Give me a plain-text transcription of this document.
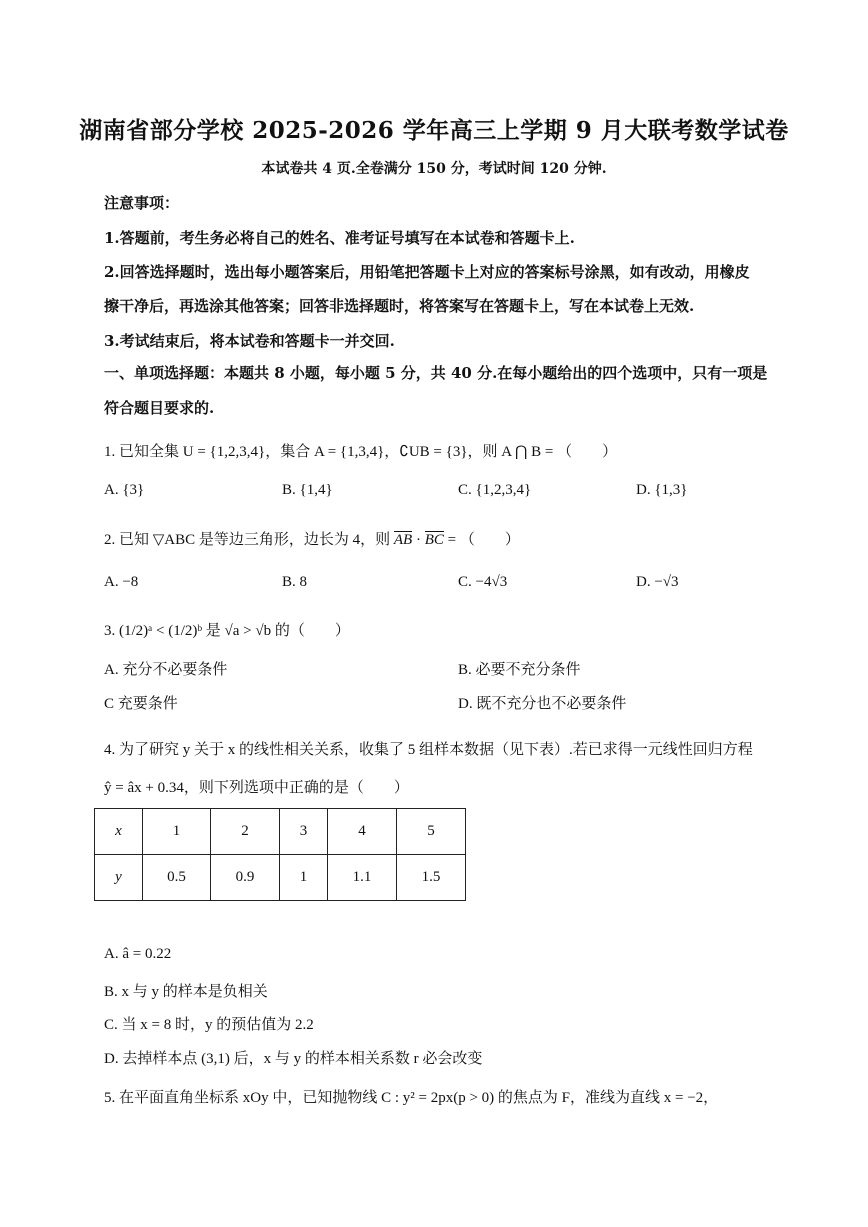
湖南省部分学校 2025-2026 学年高三上学期 9 月大联考数学试卷
本试卷共 4 页.全卷满分 150 分，考试时间 120 分钟.
注意事项：
1.答题前，考生务必将自己的姓名、准考证号填写在本试卷和答题卡上.
2.回答选择题时，选出每小题答案后，用铅笔把答题卡上对应的答案标号涂黑，如有改动，用橡皮
擦干净后，再选涂其他答案；回答非选择题时，将答案写在答题卡上，写在本试卷上无效.
3.考试结束后，将本试卷和答题卡一并交回.
一、单项选择题：本题共 8 小题，每小题 5 分，共 40 分.在每小题给出的四个选项中，只有一项是
符合题目要求的.
1. 已知全集 U = {1,2,3,4}，集合 A = {1,3,4}，∁UB = {3}，则 A ⋂ B = （　　）
A. {3}	B. {1,4}	C. {1,2,3,4}	D. {1,3}
2. 已知 ▽ABC 是等边三角形，边长为 4，则 AB · BC = （　　）
A. −8	B. 8	C. −4√3	D. −√3
3. (1/2)ᵃ < (1/2)ᵇ 是 √a > √b 的（　　）
A. 充分不必要条件	B. 必要不充分条件
C 充要条件	D. 既不充分也不必要条件
4. 为了研究 y 关于 x 的线性相关关系，收集了 5 组样本数据（见下表）.若已求得一元线性回归方程
ŷ = âx + 0.34，则下列选项中正确的是（　　）
x	1	2	3	4	5
y	0.5	0.9	1	1.1	1.5
A. â = 0.22
B. x 与 y 的样本是负相关
C. 当 x = 8 时，y 的预估值为 2.2
D. 去掉样本点 (3,1) 后，x 与 y 的样本相关系数 r 必会改变
5. 在平面直角坐标系 xOy 中，已知抛物线 C : y² = 2px(p > 0) 的焦点为 F，准线为直线 x = −2，
